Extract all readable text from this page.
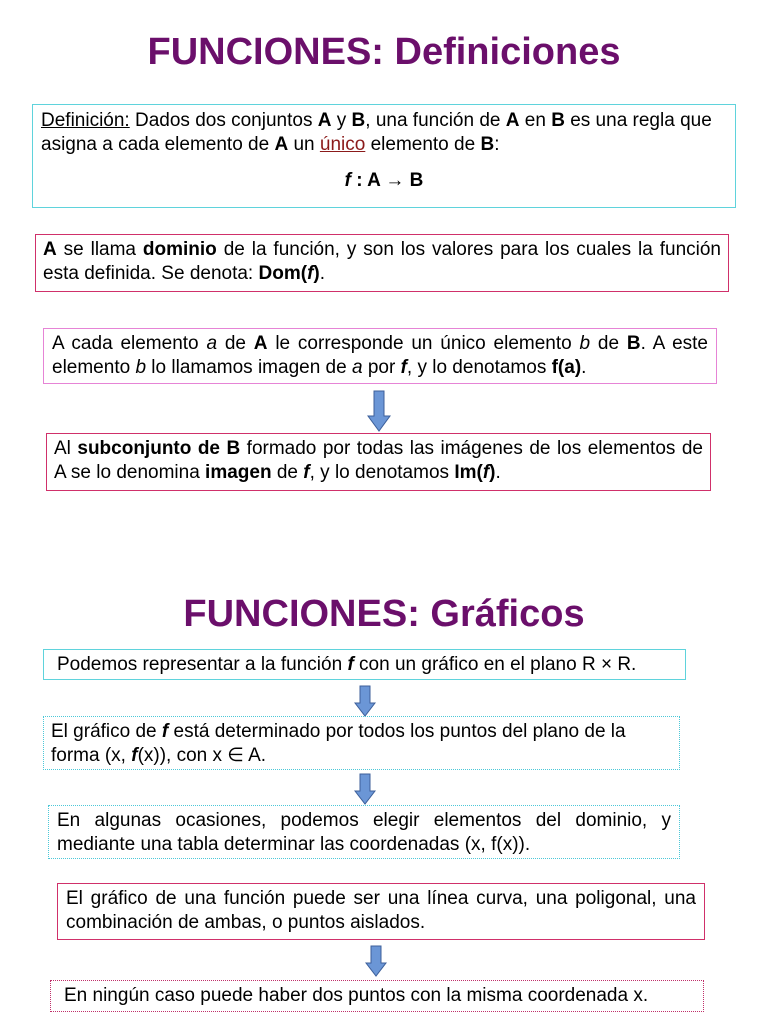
FUNCIONES: Definiciones
Definición: Dados dos conjuntos A y B, una función de A en B es una regla que asigna a cada elemento de A un único elemento de B:
f : A → B
A se llama dominio de la función, y son los valores para los cuales la función esta definida. Se denota: Dom(f).
A cada elemento a de A le corresponde un único elemento b de B. A este elemento b lo llamamos imagen de a por f, y lo denotamos f(a).
Al subconjunto de B formado por todas las imágenes de los elementos de A se lo denomina imagen de f, y lo denotamos Im(f).
FUNCIONES: Gráficos
Podemos representar a la función f con un gráfico en el plano R × R.
El gráfico de f está determinado por todos los puntos del plano de la forma (x, f(x)), con x ∈ A.
En algunas ocasiones, podemos elegir elementos del dominio, y mediante una tabla determinar las coordenadas (x, f(x)).
El gráfico de una función puede ser una línea curva, una poligonal, una combinación de ambas, o puntos aislados.
En ningún caso puede haber dos puntos con la misma coordenada x.
